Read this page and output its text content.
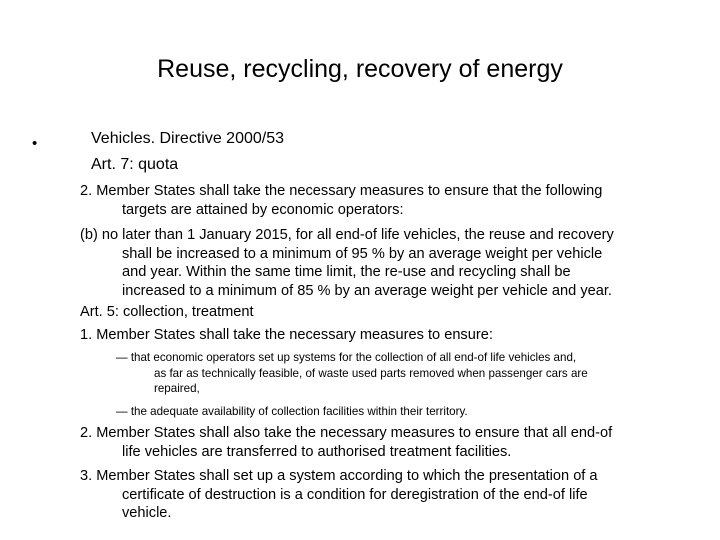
Reuse, recycling, recovery of energy
•	Vehicles. Directive 2000/53
Art. 7: quota
2. Member States shall take the necessary measures to ensure that the following
targets are attained by economic operators:
(b) no later than 1 January 2015, for all end-of life vehicles, the reuse and recovery
shall be increased to a minimum of 95 % by an average weight per vehicle
and year. Within the same time limit, the re-use and recycling shall be
increased to a minimum of 85 % by an average weight per vehicle and year.
Art. 5: collection, treatment
1. Member States shall take the necessary measures to ensure:
— that economic operators set up systems for the collection of all end-of life vehicles and,
as far as technically feasible, of waste used parts removed when passenger cars are
repaired,
— the adequate availability of collection facilities within their territory.
2. Member States shall also take the necessary measures to ensure that all end-of
life vehicles are transferred to authorised treatment facilities.
3. Member States shall set up a system according to which the presentation of a
certificate of destruction is a condition for deregistration of the end-of life
vehicle.
